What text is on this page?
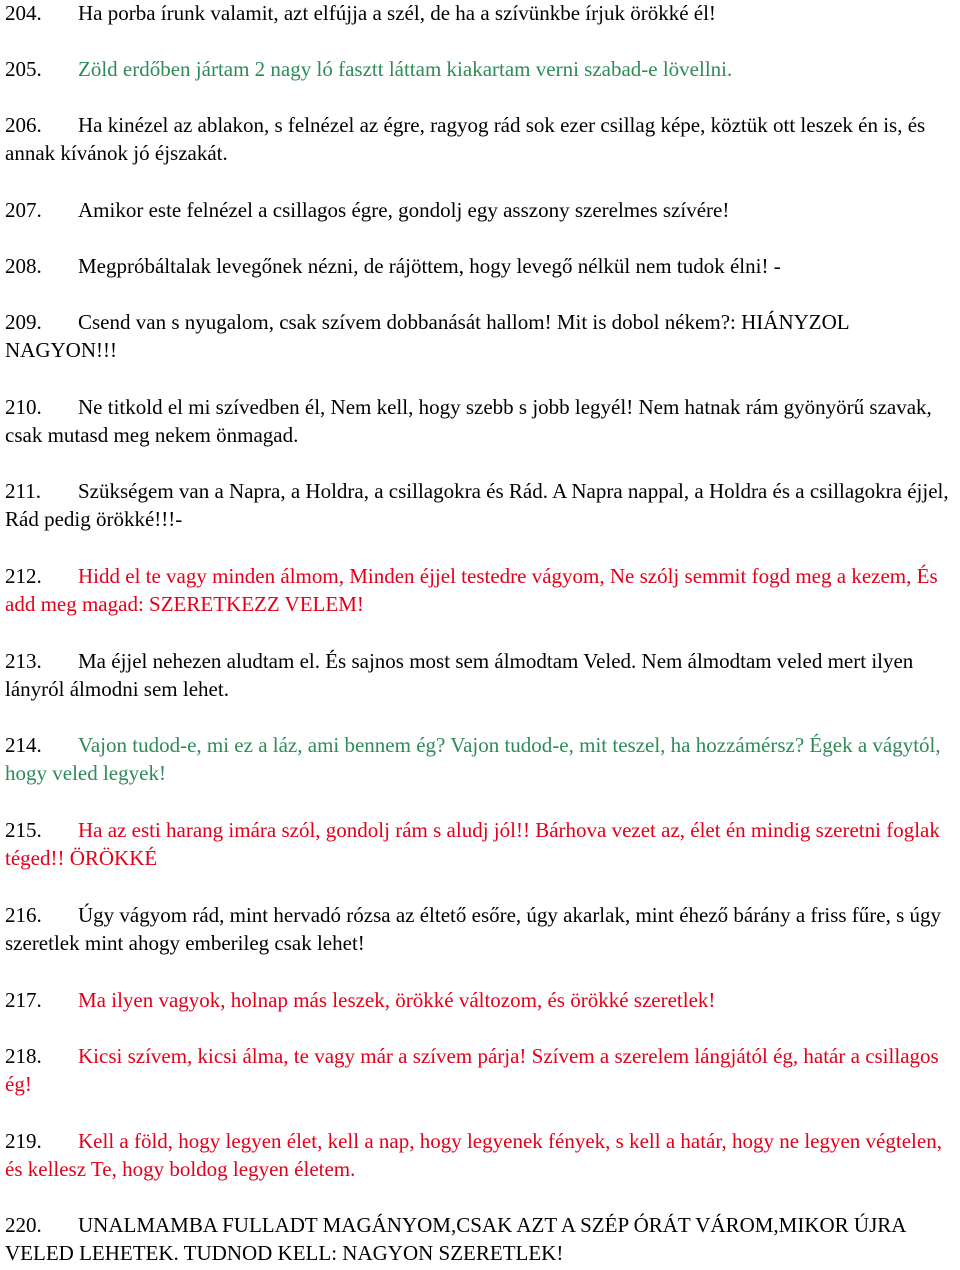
204. Ha porba írunk valamit, azt elfújja a szél, de ha a szívünkbe írjuk örökké él!
205. Zöld erdőben jártam 2 nagy ló fasztt láttam kiakartam verni szabad-e lövellni.
206. Ha kinézel az ablakon, s felnézel az égre, ragyog rád sok ezer csillag képe, köztük ott leszek én is, és annak kívánok jó éjszakát.
207. Amikor este felnézel a csillagos égre, gondolj egy asszony szerelmes szívére!
208. Megpróbáltalak levegőnek nézni, de rájöttem, hogy levegő nélkül nem tudok élni! -
209. Csend van s nyugalom, csak szívem dobbanását hallom! Mit is dobol nékem?: HIÁNYZOL NAGYON!!!
210. Ne titkold el mi szívedben él, Nem kell, hogy szebb s jobb legyél! Nem hatnak rám gyönyörű szavak, csak mutasd meg nekem önmagad.
211. Szükségem van a Napra, a Holdra, a csillagokra és Rád. A Napra nappal, a Holdra és a csillagokra éjjel, Rád pedig örökké!!!-
212. Hidd el te vagy minden álmom, Minden éjjel testedre vágyom, Ne szólj semmit fogd meg a kezem, És add meg magad: SZERETKEZZ VELEM!
213. Ma éjjel nehezen aludtam el. És sajnos most sem álmodtam Veled. Nem álmodtam veled mert ilyen lányról álmodni sem lehet.
214. Vajon tudod-e, mi ez a láz, ami bennem ég? Vajon tudod-e, mit teszel, ha hozzámérsz? Égek a vágytól, hogy veled legyek!
215. Ha az esti harang imára szól, gondolj rám s aludj jól!! Bárhova vezet az, élet én mindig szeretni foglak téged!! ÖRÖKKÉ
216. Úgy vágyom rád, mint hervadó rózsa az éltető esőre, úgy akarlak, mint éhező bárány a friss fűre, s úgy szeretlek mint ahogy emberileg csak lehet!
217. Ma ilyen vagyok, holnap más leszek, örökké változom, és örökké szeretlek!
218. Kicsi szívem, kicsi álma, te vagy már a szívem párja! Szívem a szerelem lángjától ég, határ a csillagos ég!
219. Kell a föld, hogy legyen élet, kell a nap, hogy legyenek fények, s kell a határ, hogy ne legyen végtelen, és kellesz Te, hogy boldog legyen életem.
220. UNALMAMBA FULLADT MAGÁNYOM,CSAK AZT A SZÉP ÓRÁT VÁROM,MIKOR ÚJRA VELED LEHETEK. TUDNOD KELL: NAGYON SZERETLEK!
